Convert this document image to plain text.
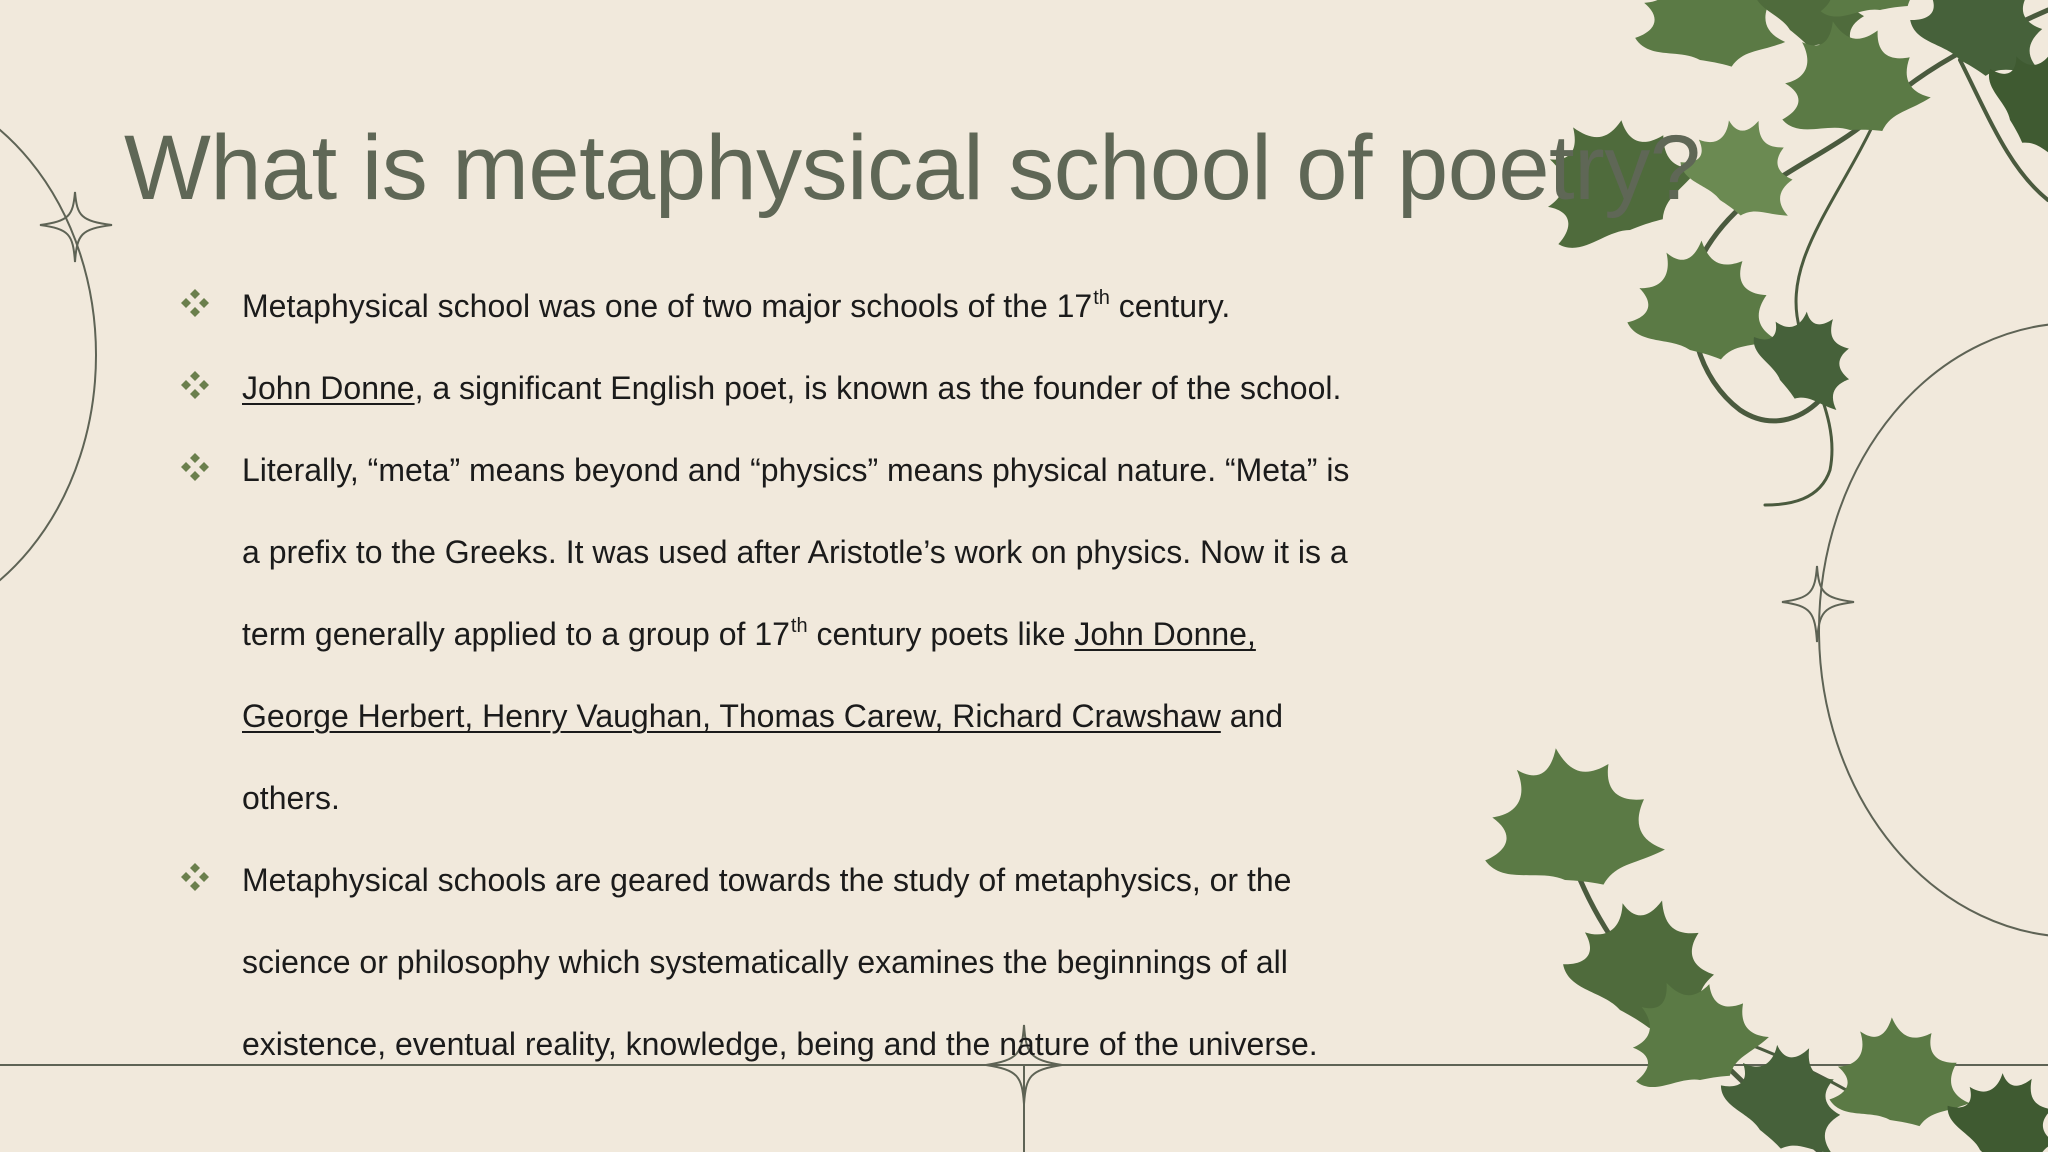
What is metaphysical school of poetry?

Metaphysical school was one of two major schools of the 17th century.

John Donne, a significant English poet, is known as the founder of the school.

Literally, “meta” means beyond and “physics” means physical nature. “Meta” is

a prefix to the Greeks. It was used after Aristotle’s work on physics. Now it is a

term generally applied to a group of 17th century poets like John Donne,

George Herbert, Henry Vaughan, Thomas Carew, Richard Crawshaw and

others.

Metaphysical schools are geared towards the study of metaphysics, or the

science or philosophy which systematically examines the beginnings of all

existence, eventual reality, knowledge, being and the nature of the universe.
